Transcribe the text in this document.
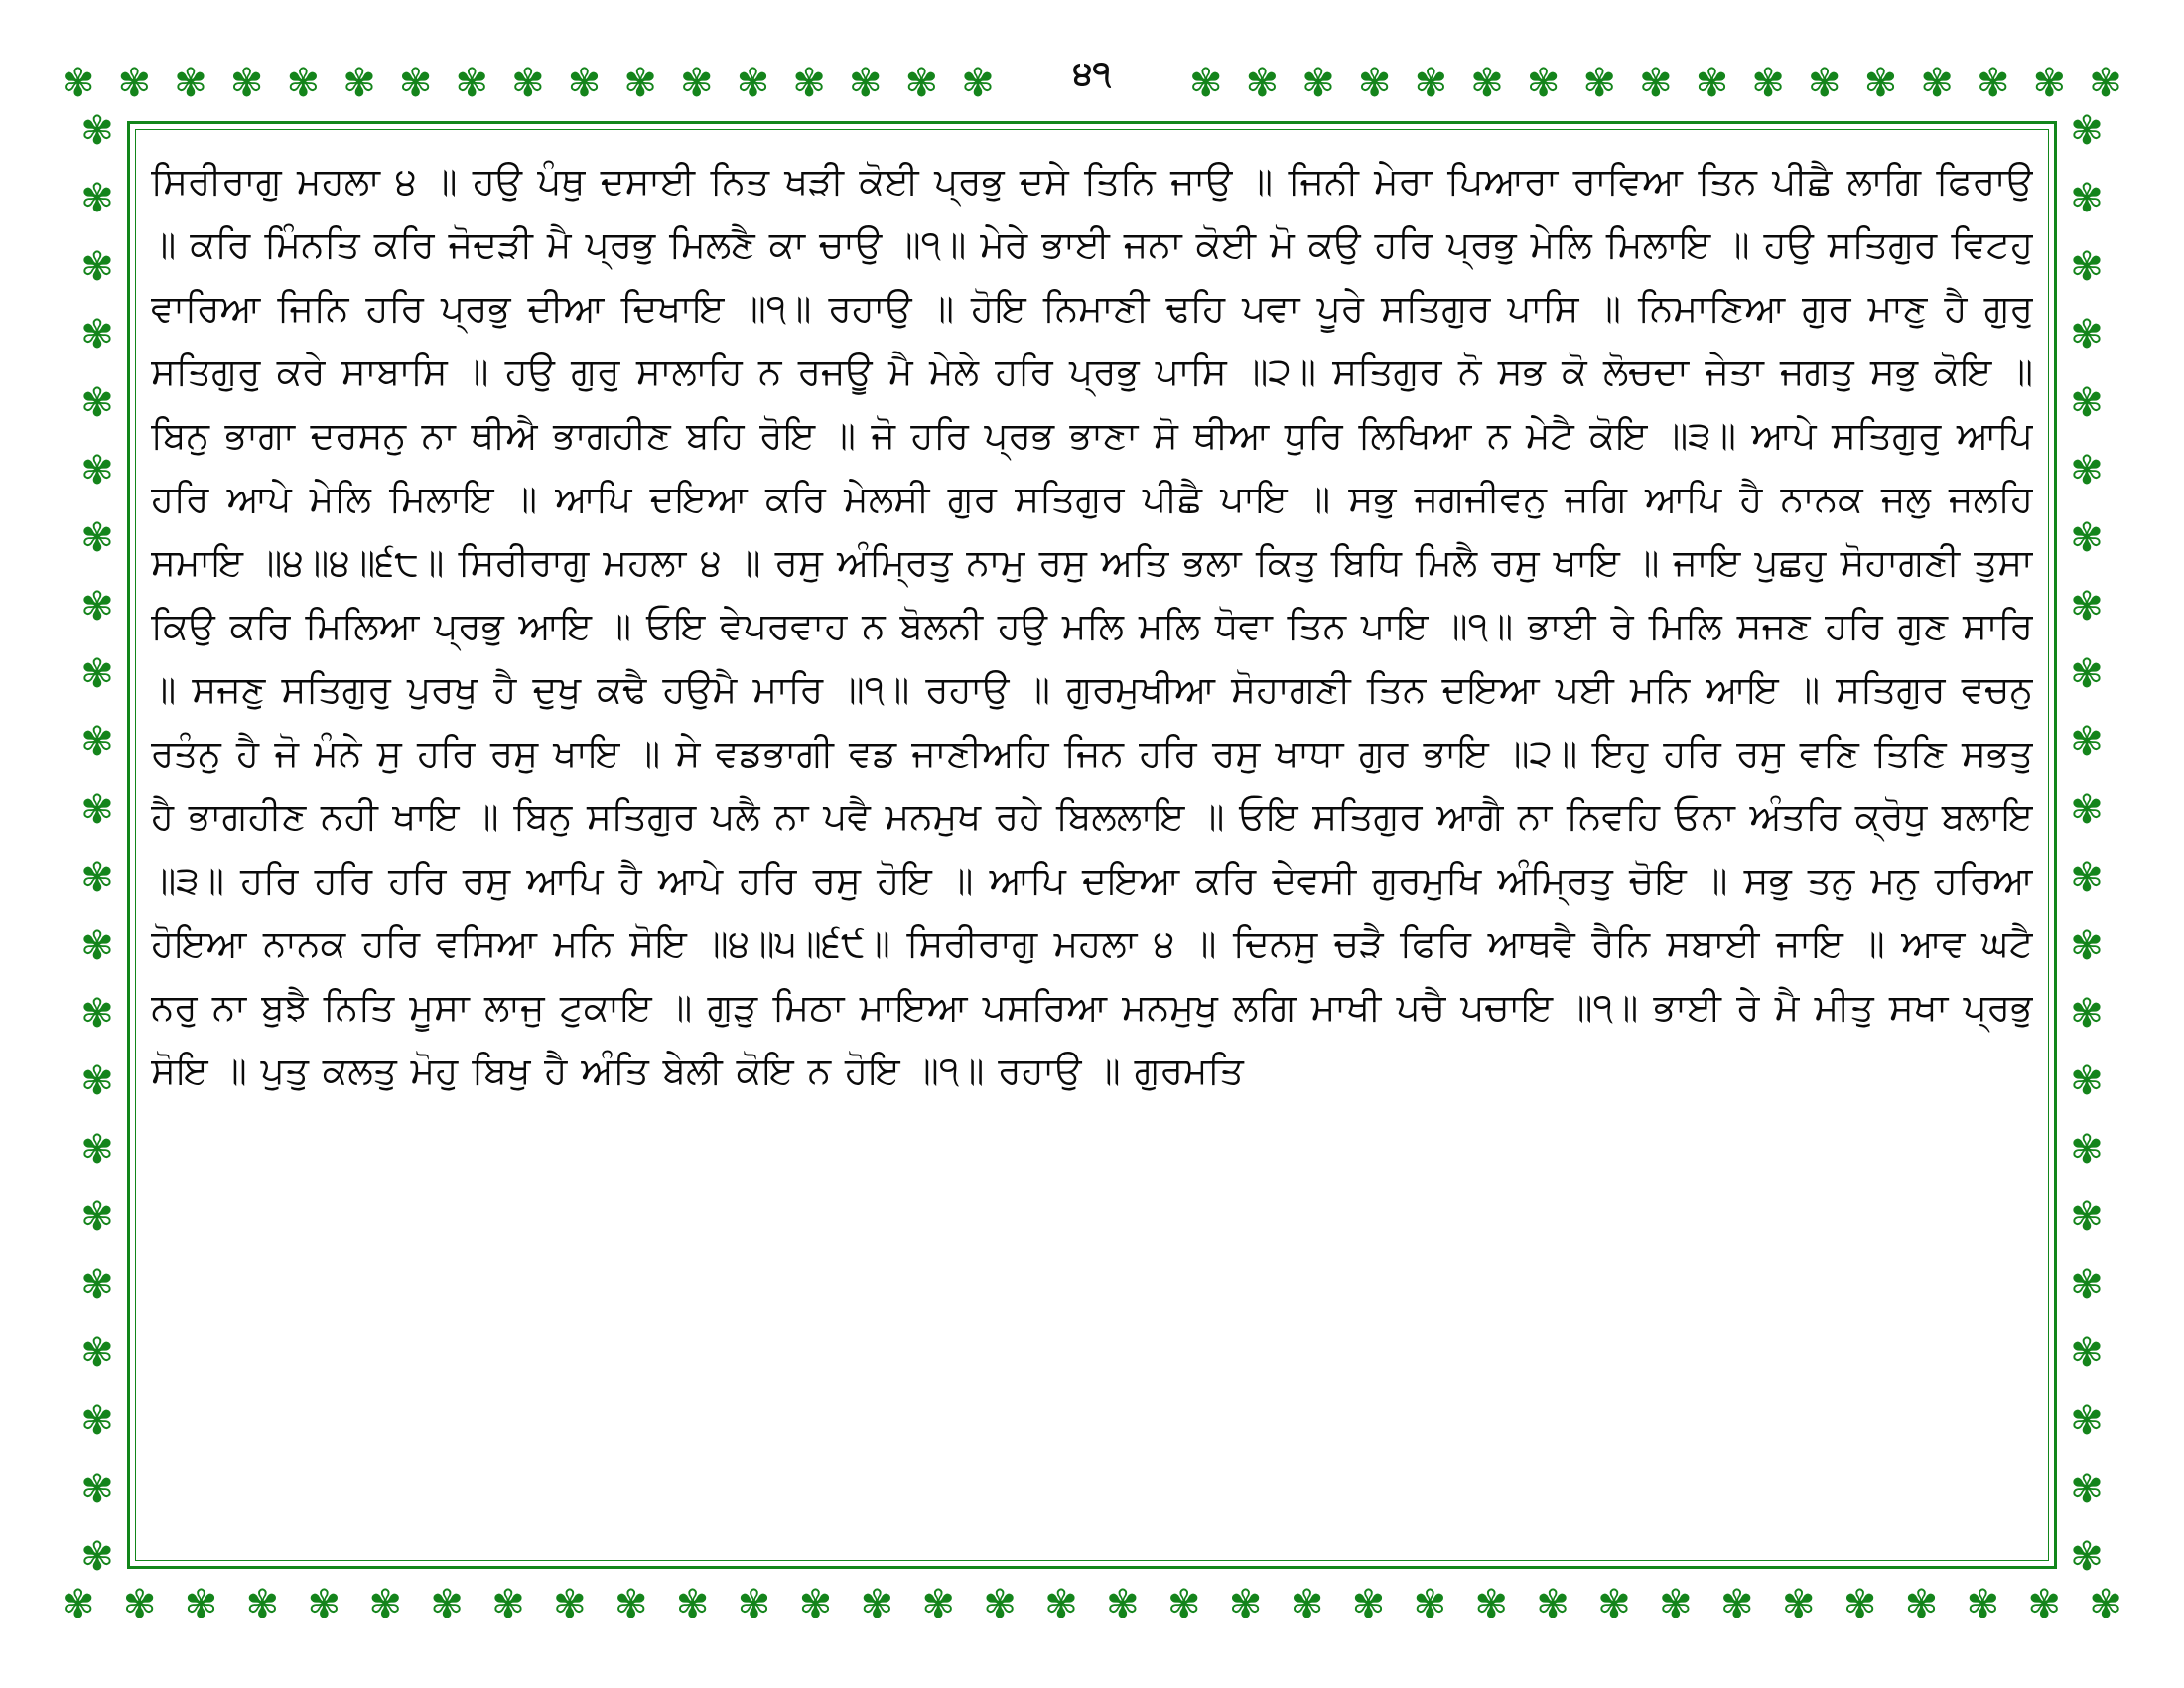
✾ ✾ ✾ ✾ ✾ ✾ ✾ ✾ ✾ ✾ ✾ ✾ ✾ ✾ ✾ ✾ ✾	✾ ✾ ✾ ✾ ✾ ✾ ✾ ✾ ✾ ✾ ✾ ✾ ✾ ✾ ✾ ✾ ✾
✾ ✾ ✾ ✾ ✾ ✾ ✾ ✾ ✾ ✾ ✾ ✾ ✾ ✾ ✾ ✾ ✾ ✾ ✾ ✾ ✾ ✾ ✾ ✾ ✾ ✾ ✾ ✾ ✾ ✾ ✾ ✾ ✾ ✾
✾
✾
✾
✾
✾
✾
✾
✾
✾
✾
✾
✾
✾
✾
✾
✾
✾
✾
✾
✾
✾
✾
✾
✾
✾
✾
✾
✾
✾
✾
✾
✾
✾
✾
✾
✾
✾
✾
✾
✾
✾
✾
✾
✾
੪੧

ਸਿਰੀਰਾਗੁ ਮਹਲਾ ੪ ॥ ਹਉ ਪੰਥੁ ਦਸਾਈ ਨਿਤ ਖੜੀ ਕੋਈ ਪ੍ਰਭੁ ਦਸੇ ਤਿਨਿ ਜਾਉ ॥ ਜਿਨੀ ਮੇਰਾ ਪਿਆਰਾ ਰਾਵਿਆ ਤਿਨ ਪੀਛੈ ਲਾਗਿ ਫਿਰਾਉ ॥ ਕਰਿ ਮਿੰਨਤਿ ਕਰਿ ਜੋਦੜੀ ਮੈ ਪ੍ਰਭੁ ਮਿਲਣੈ ਕਾ ਚਾਉ ॥੧॥ ਮੇਰੇ ਭਾਈ ਜਨਾ ਕੋਈ ਮੋ ਕਉ ਹਰਿ ਪ੍ਰਭੁ ਮੇਲਿ ਮਿਲਾਇ ॥ ਹਉ ਸਤਿਗੁਰ ਵਿਟਹੁ ਵਾਰਿਆ ਜਿਨਿ ਹਰਿ ਪ੍ਰਭੁ ਦੀਆ ਦਿਖਾਇ ॥੧॥ ਰਹਾਉ ॥ ਹੋਇ ਨਿਮਾਣੀ ਢਹਿ ਪਵਾ ਪੂਰੇ ਸਤਿਗੁਰ ਪਾਸਿ ॥ ਨਿਮਾਣਿਆ ਗੁਰ ਮਾਣੁ ਹੈ ਗੁਰੁ ਸਤਿਗੁਰੁ ਕਰੇ ਸਾਬਾਸਿ ॥ ਹਉ ਗੁਰੁ ਸਾਲਾਹਿ ਨ ਰਜਊ ਮੈ ਮੇਲੇ ਹਰਿ ਪ੍ਰਭੁ ਪਾਸਿ ॥੨॥ ਸਤਿਗੁਰ ਨੋ ਸਭ ਕੋ ਲੋਚਦਾ ਜੇਤਾ ਜਗਤੁ ਸਭੁ ਕੋਇ ॥ ਬਿਨੁ ਭਾਗਾ ਦਰਸਨੁ ਨਾ ਥੀਐ ਭਾਗਹੀਣ ਬਹਿ ਰੋਇ ॥ ਜੋ ਹਰਿ ਪ੍ਰਭ ਭਾਣਾ ਸੋ ਥੀਆ ਧੁਰਿ ਲਿਖਿਆ ਨ ਮੇਟੈ ਕੋਇ ॥੩॥ ਆਪੇ ਸਤਿਗੁਰੁ ਆਪਿ ਹਰਿ ਆਪੇ ਮੇਲਿ ਮਿਲਾਇ ॥ ਆਪਿ ਦਇਆ ਕਰਿ ਮੇਲਸੀ ਗੁਰ ਸਤਿਗੁਰ ਪੀਛੈ ਪਾਇ ॥ ਸਭੁ ਜਗਜੀਵਨੁ ਜਗਿ ਆਪਿ ਹੈ ਨਾਨਕ ਜਲੁ ਜਲਹਿ ਸਮਾਇ ॥੪॥੪॥੬੮॥ ਸਿਰੀਰਾਗੁ ਮਹਲਾ ੪ ॥ ਰਸੁ ਅੰਮ੍ਰਿਤੁ ਨਾਮੁ ਰਸੁ ਅਤਿ ਭਲਾ ਕਿਤੁ ਬਿਧਿ ਮਿਲੈ ਰਸੁ ਖਾਇ ॥ ਜਾਇ ਪੁਛਹੁ ਸੋਹਾਗਣੀ ਤੁਸਾ ਕਿਉ ਕਰਿ ਮਿਲਿਆ ਪ੍ਰਭੁ ਆਇ ॥ ਓਇ ਵੇਪਰਵਾਹ ਨ ਬੋਲਨੀ ਹਉ ਮਲਿ ਮਲਿ ਧੋਵਾ ਤਿਨ ਪਾਇ ॥੧॥ ਭਾਈ ਰੇ ਮਿਲਿ ਸਜਣ ਹਰਿ ਗੁਣ ਸਾਰਿ ॥ ਸਜਣੁ ਸਤਿਗੁਰੁ ਪੁਰਖੁ ਹੈ ਦੁਖੁ ਕਢੈ ਹਉਮੈ ਮਾਰਿ ॥੧॥ ਰਹਾਉ ॥ ਗੁਰਮੁਖੀਆ ਸੋਹਾਗਣੀ ਤਿਨ ਦਇਆ ਪਈ ਮਨਿ ਆਇ ॥ ਸਤਿਗੁਰ ਵਚਨੁ ਰਤੰਨੁ ਹੈ ਜੋ ਮੰਨੇ ਸੁ ਹਰਿ ਰਸੁ ਖਾਇ ॥ ਸੇ ਵਡਭਾਗੀ ਵਡ ਜਾਣੀਅਹਿ ਜਿਨ ਹਰਿ ਰਸੁ ਖਾਧਾ ਗੁਰ ਭਾਇ ॥੨॥ ਇਹੁ ਹਰਿ ਰਸੁ ਵਣਿ ਤਿਣਿ ਸਭਤੁ ਹੈ ਭਾਗਹੀਣ ਨਹੀ ਖਾਇ ॥ ਬਿਨੁ ਸਤਿਗੁਰ ਪਲੈ ਨਾ ਪਵੈ ਮਨਮੁਖ ਰਹੇ ਬਿਲਲਾਇ ॥ ਓਇ ਸਤਿਗੁਰ ਆਗੈ ਨਾ ਨਿਵਹਿ ਓਨਾ ਅੰਤਰਿ ਕ੍ਰੋਧੁ ਬਲਾਇ ॥੩॥ ਹਰਿ ਹਰਿ ਹਰਿ ਰਸੁ ਆਪਿ ਹੈ ਆਪੇ ਹਰਿ ਰਸੁ ਹੋਇ ॥ ਆਪਿ ਦਇਆ ਕਰਿ ਦੇਵਸੀ ਗੁਰਮੁਖਿ ਅੰਮ੍ਰਿਤੁ ਚੋਇ ॥ ਸਭੁ ਤਨੁ ਮਨੁ ਹਰਿਆ ਹੋਇਆ ਨਾਨਕ ਹਰਿ ਵਸਿਆ ਮਨਿ ਸੋਇ ॥੪॥੫॥੬੯॥ ਸਿਰੀਰਾਗੁ ਮਹਲਾ ੪ ॥ ਦਿਨਸੁ ਚੜੈ ਫਿਰਿ ਆਥਵੈ ਰੈਨਿ ਸਬਾਈ ਜਾਇ ॥ ਆਵ ਘਟੈ ਨਰੁ ਨਾ ਬੁਝੈ ਨਿਤਿ ਮੂਸਾ ਲਾਜੁ ਟੁਕਾਇ ॥ ਗੁੜੁ ਮਿਠਾ ਮਾਇਆ ਪਸਰਿਆ ਮਨਮੁਖੁ ਲਗਿ ਮਾਖੀ ਪਚੈ ਪਚਾਇ ॥੧॥ ਭਾਈ ਰੇ ਮੈ ਮੀਤੁ ਸਖਾ ਪ੍ਰਭੁ ਸੋਇ ॥ ਪੁਤੁ ਕਲਤੁ ਮੋਹੁ ਬਿਖੁ ਹੈ ਅੰਤਿ ਬੇਲੀ ਕੋਇ ਨ ਹੋਇ ॥੧॥ ਰਹਾਉ ॥ ਗੁਰਮਤਿ
